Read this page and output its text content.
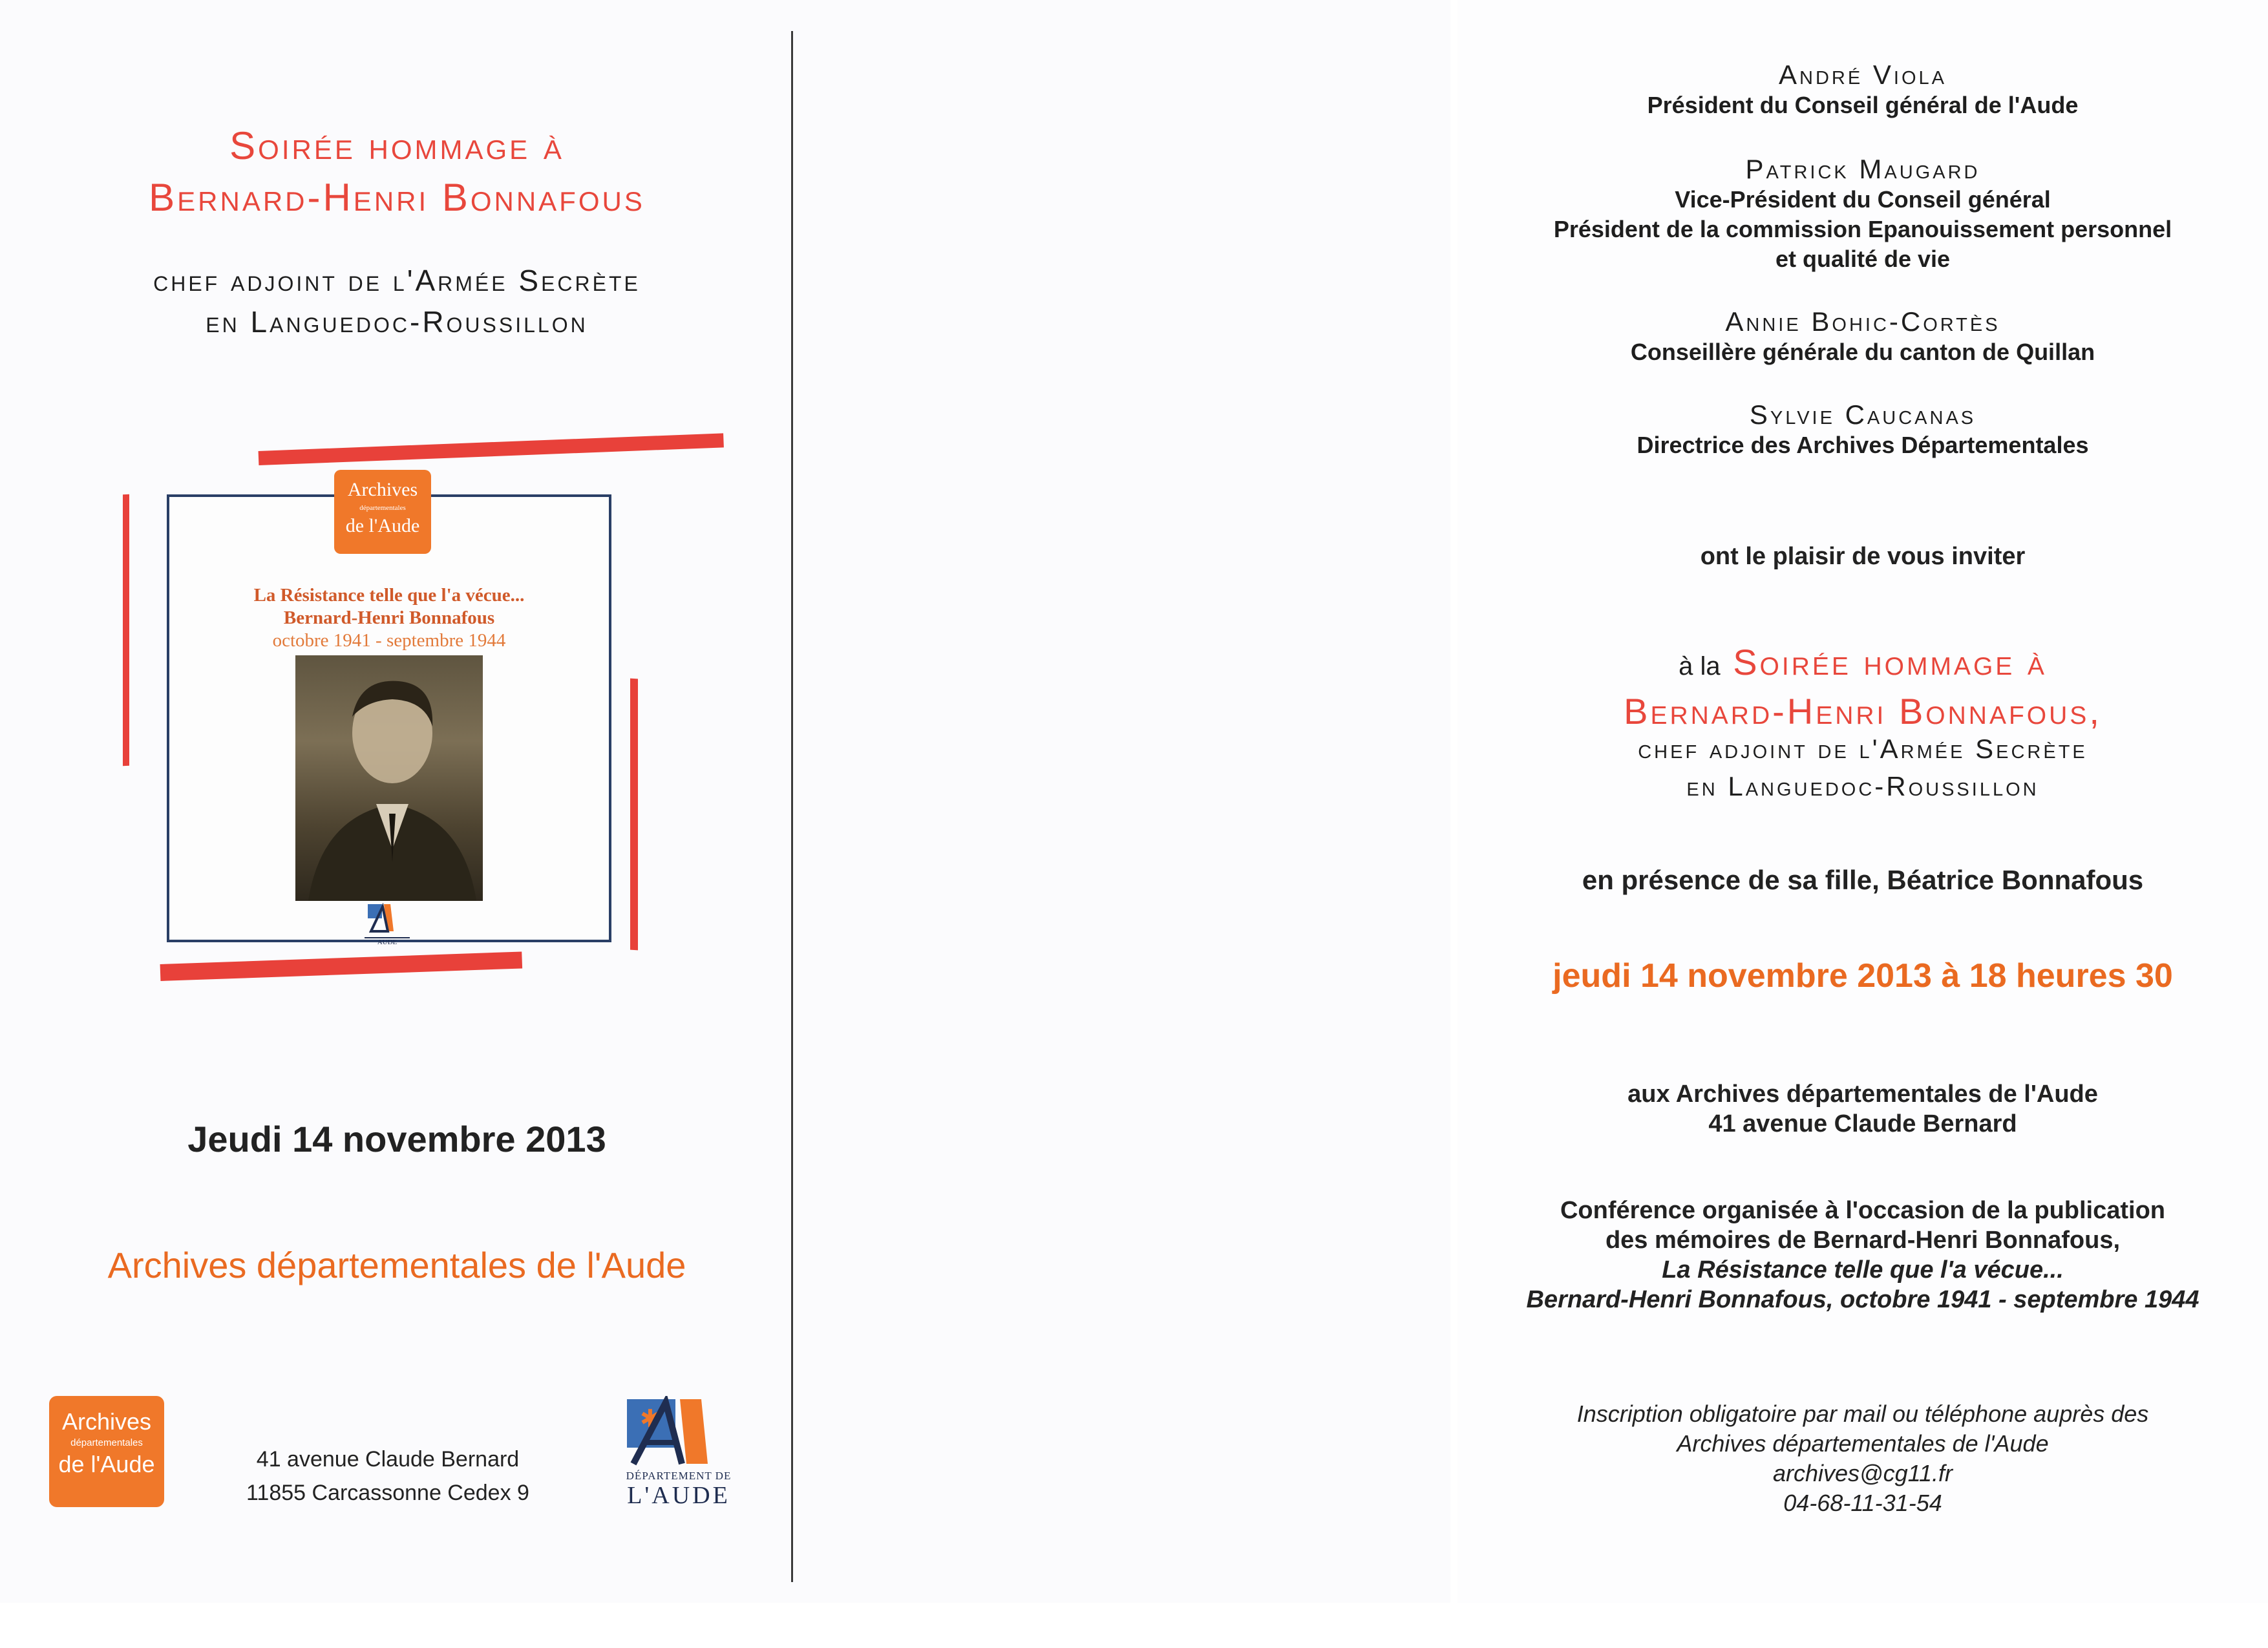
Soirée hommage à
Bernard-Henri Bonnafous
chef adjoint de l'Armée Secrète
en Languedoc-Roussillon
Archives
départementales
de l'Aude
La Résistance telle que l'a vécue...
Bernard-Henri Bonnafous
octobre 1941 - septembre 1944
AUDE
Jeudi 14 novembre 2013
Archives départementales de l'Aude
Archives
départementales
de l'Aude	41 avenue Claude Bernard
11855 Carcassonne Cedex 9
✱
DÉPARTEMENT DE
L'AUDE
André Viola
Président du Conseil général de l'Aude
Patrick Maugard
Vice-Président du Conseil général
Président de la commission Epanouissement personnel
et qualité de vie
Annie Bohic-Cortès
Conseillère générale du canton de Quillan
Sylvie Caucanas
Directrice des Archives Départementales
ont le plaisir de vous inviter
à la Soirée hommage à
Bernard-Henri Bonnafous,
chef adjoint de l'Armée Secrète
en Languedoc-Roussillon
en présence de sa fille, Béatrice Bonnafous
jeudi 14 novembre 2013 à 18 heures 30
aux Archives départementales de l'Aude
41 avenue Claude Bernard
Conférence organisée à l'occasion de la publication
des mémoires de Bernard-Henri Bonnafous,
La Résistance telle que l'a vécue...
Bernard-Henri Bonnafous, octobre 1941 - septembre 1944
Inscription obligatoire par mail ou téléphone auprès des
Archives départementales de l'Aude
archives@cg11.fr
04-68-11-31-54
